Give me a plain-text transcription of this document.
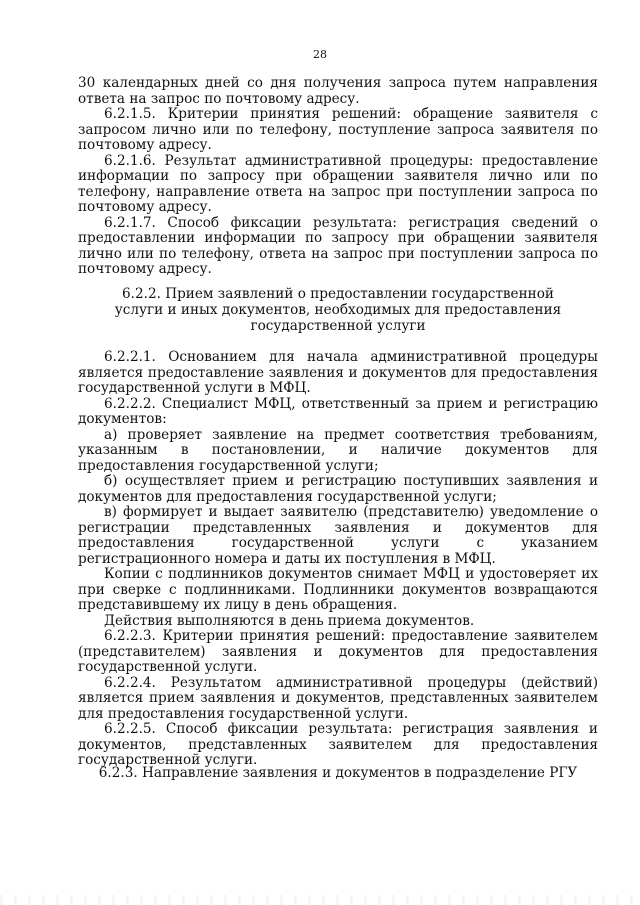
28

30 календарных дней со дня получения запроса путем направления ответа на запрос по почтовому адресу.

6.2.1.5. Критерии принятия решений: обращение заявителя с запросом лично или по телефону, поступление запроса заявителя по почтовому адресу.

6.2.1.6. Результат административной процедуры: предоставление информации по запросу при обращении заявителя лично или по телефону, направление ответа на запрос при поступлении запроса по почтовому адресу.

6.2.1.7. Способ фиксации результата: регистрация сведений о предоставлении информации по запросу при обращении заявителя лично или по телефону, ответа на запрос при поступлении запроса по почтовому адресу.

6.2.2. Прием заявлений о предоставлении государственной
услуги и иных документов, необходимых для предоставления
государственной услуги

6.2.2.1. Основанием для начала административной процедуры является предоставление заявления и документов для предоставления государственной услуги в МФЦ.

6.2.2.2. Специалист МФЦ, ответственный за прием и регистрацию документов:

а) проверяет заявление на предмет соответствия требованиям, указанным в постановлении, и наличие документов для предоставления государственной услуги;

б) осуществляет прием и регистрацию поступивших заявления и документов для предоставления государственной услуги;

в) формирует и выдает заявителю (представителю) уведомление о регистрации представленных заявления и документов для предоставления государственной услуги с указанием регистрационного номера и даты их поступления в МФЦ.

Копии с подлинников документов снимает МФЦ и удостоверяет их при сверке с подлинниками. Подлинники документов возвращаются представившему их лицу в день обращения.

Действия выполняются в день приема документов.

6.2.2.3. Критерии принятия решений: предоставление заявителем (представителем) заявления и документов для предоставления государственной услуги.

6.2.2.4. Результатом административной процедуры (действий) является прием заявления и документов, представленных заявителем для предоставления государственной услуги.

6.2.2.5. Способ фиксации результата: регистрация заявления и документов, представленных заявителем для предоставления государственной услуги.

6.2.3. Направление заявления и документов в подразделение РГУ
